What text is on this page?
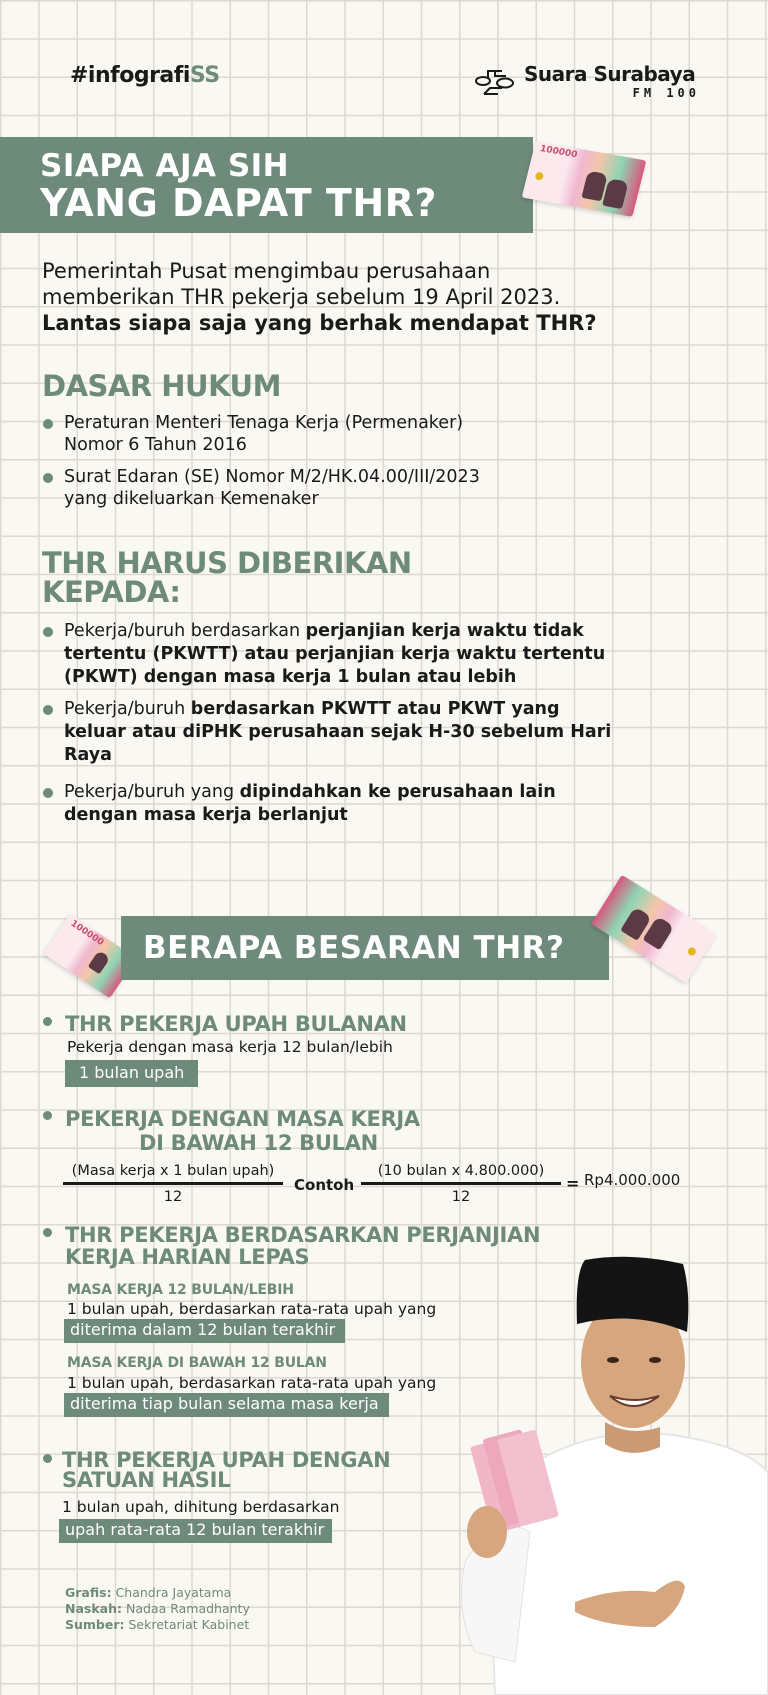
#infografiSS	Suara Surabaya
FM 100
SIAPA AJA SIH
YANG DAPAT THR?
100000
Pemerintah Pusat mengimbau perusahaan
memberikan THR pekerja sebelum 19 April 2023.
Lantas siapa saja yang berhak mendapat THR?
DASAR HUKUM
Peraturan Menteri Tenaga Kerja (Permenaker)
Nomor 6 Tahun 2016
Surat Edaran (SE) Nomor M/2/HK.04.00/III/2023
yang dikeluarkan Kemenaker
THR HARUS DIBERIKAN
KEPADA:
Pekerja/buruh berdasarkan perjanjian kerja waktu tidak tertentu (PKWTT) atau perjanjian kerja waktu tertentu (PKWT) dengan masa kerja 1 bulan atau lebih
Pekerja/buruh berdasarkan PKWTT atau PKWT yang keluar atau diPHK perusahaan sejak H-30 sebelum Hari Raya
Pekerja/buruh yang dipindahkan ke perusahaan lain dengan masa kerja berlanjut
100000 BERAPA BESARAN THR?
THR PEKERJA UPAH BULANAN
Pekerja dengan masa kerja 12 bulan/lebih
1 bulan upah
PEKERJA DENGAN MASA KERJA
DI BAWAH 12 BULAN
(Masa kerja x 1 bulan upah)
12
Contoh
(10 bulan x 4.800.000)
12
= Rp4.000.000
THR PEKERJA BERDASARKAN PERJANJIAN
KERJA HARIAN LEPAS
MASA KERJA 12 BULAN/LEBIH
1 bulan upah, berdasarkan rata-rata upah yang
diterima dalam 12 bulan terakhir
MASA KERJA DI BAWAH 12 BULAN
1 bulan upah, berdasarkan rata-rata upah yang
diterima tiap bulan selama masa kerja
THR PEKERJA UPAH DENGAN
SATUAN HASIL
1 bulan upah, dihitung berdasarkan
upah rata-rata 12 bulan terakhir
Grafis: Chandra Jayatama
Naskah: Nadaa Ramadhanty
Sumber: Sekretariat Kabinet
